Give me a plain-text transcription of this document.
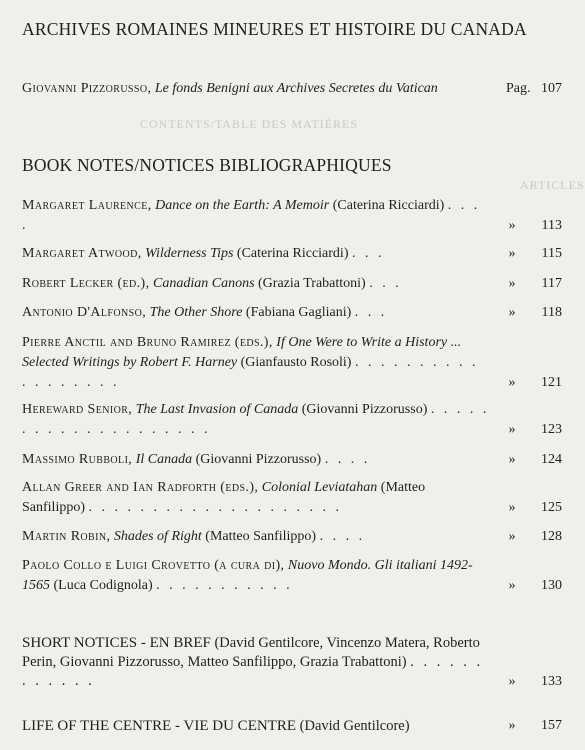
CONTENTS/TABLE DES MATIÈRES
ARTICLES
ARCHIVES ROMAINES MINEURES ET HISTOIRE DU CANADA
Giovanni Pizzorusso, Le fonds Benigni aux Archives Secretes du Vatican	Pag. 107
BOOK NOTES/NOTICES BIBLIOGRAPHIQUES
Margaret Laurence, Dance on the Earth: A Memoir (Caterina Ricciardi) . . . .	» 113
Margaret Atwood, Wilderness Tips (Caterina Ricciardi) . . .	» 115
Robert Lecker (ed.), Canadian Canons (Grazia Trabattoni) . . .	» 117
Antonio D'Alfonso, The Other Shore (Fabiana Gagliani) . . .	» 118
Pierre Anctil and Bruno Ramirez (eds.), If One Were to Write a History ... Selected Writings by Robert F. Harney (Gianfausto Rosoli) . . . . . . . . . . . . . . . . . .	» 121
Hereward Senior, The Last Invasion of Canada (Giovanni Pizzorusso) . . . . . . . . . . . . . . . . . . . .	» 123
Massimo Rubboli, Il Canada (Giovanni Pizzorusso) . . . .	» 124
Allan Greer and Ian Radforth (eds.), Colonial Leviatahan (Matteo Sanfilippo) . . . . . . . . . . . . . . . . . . . .	» 125
Martin Robin, Shades of Right (Matteo Sanfilippo) . . . .	» 128
Paolo Collo e Luigi Crovetto (a cura di), Nuovo Mondo. Gli italiani 1492-1565 (Luca Codignola) . . . . . . . . . . .	» 130
SHORT NOTICES - EN BREF (David Gentilcore, Vincenzo Matera, Roberto Perin, Giovanni Pizzorusso, Matteo Sanfilippo, Grazia Trabattoni) . . . . . . . . . . . .	» 133
LIFE OF THE CENTRE - VIE DU CENTRE (David Gentilcore)	» 157
